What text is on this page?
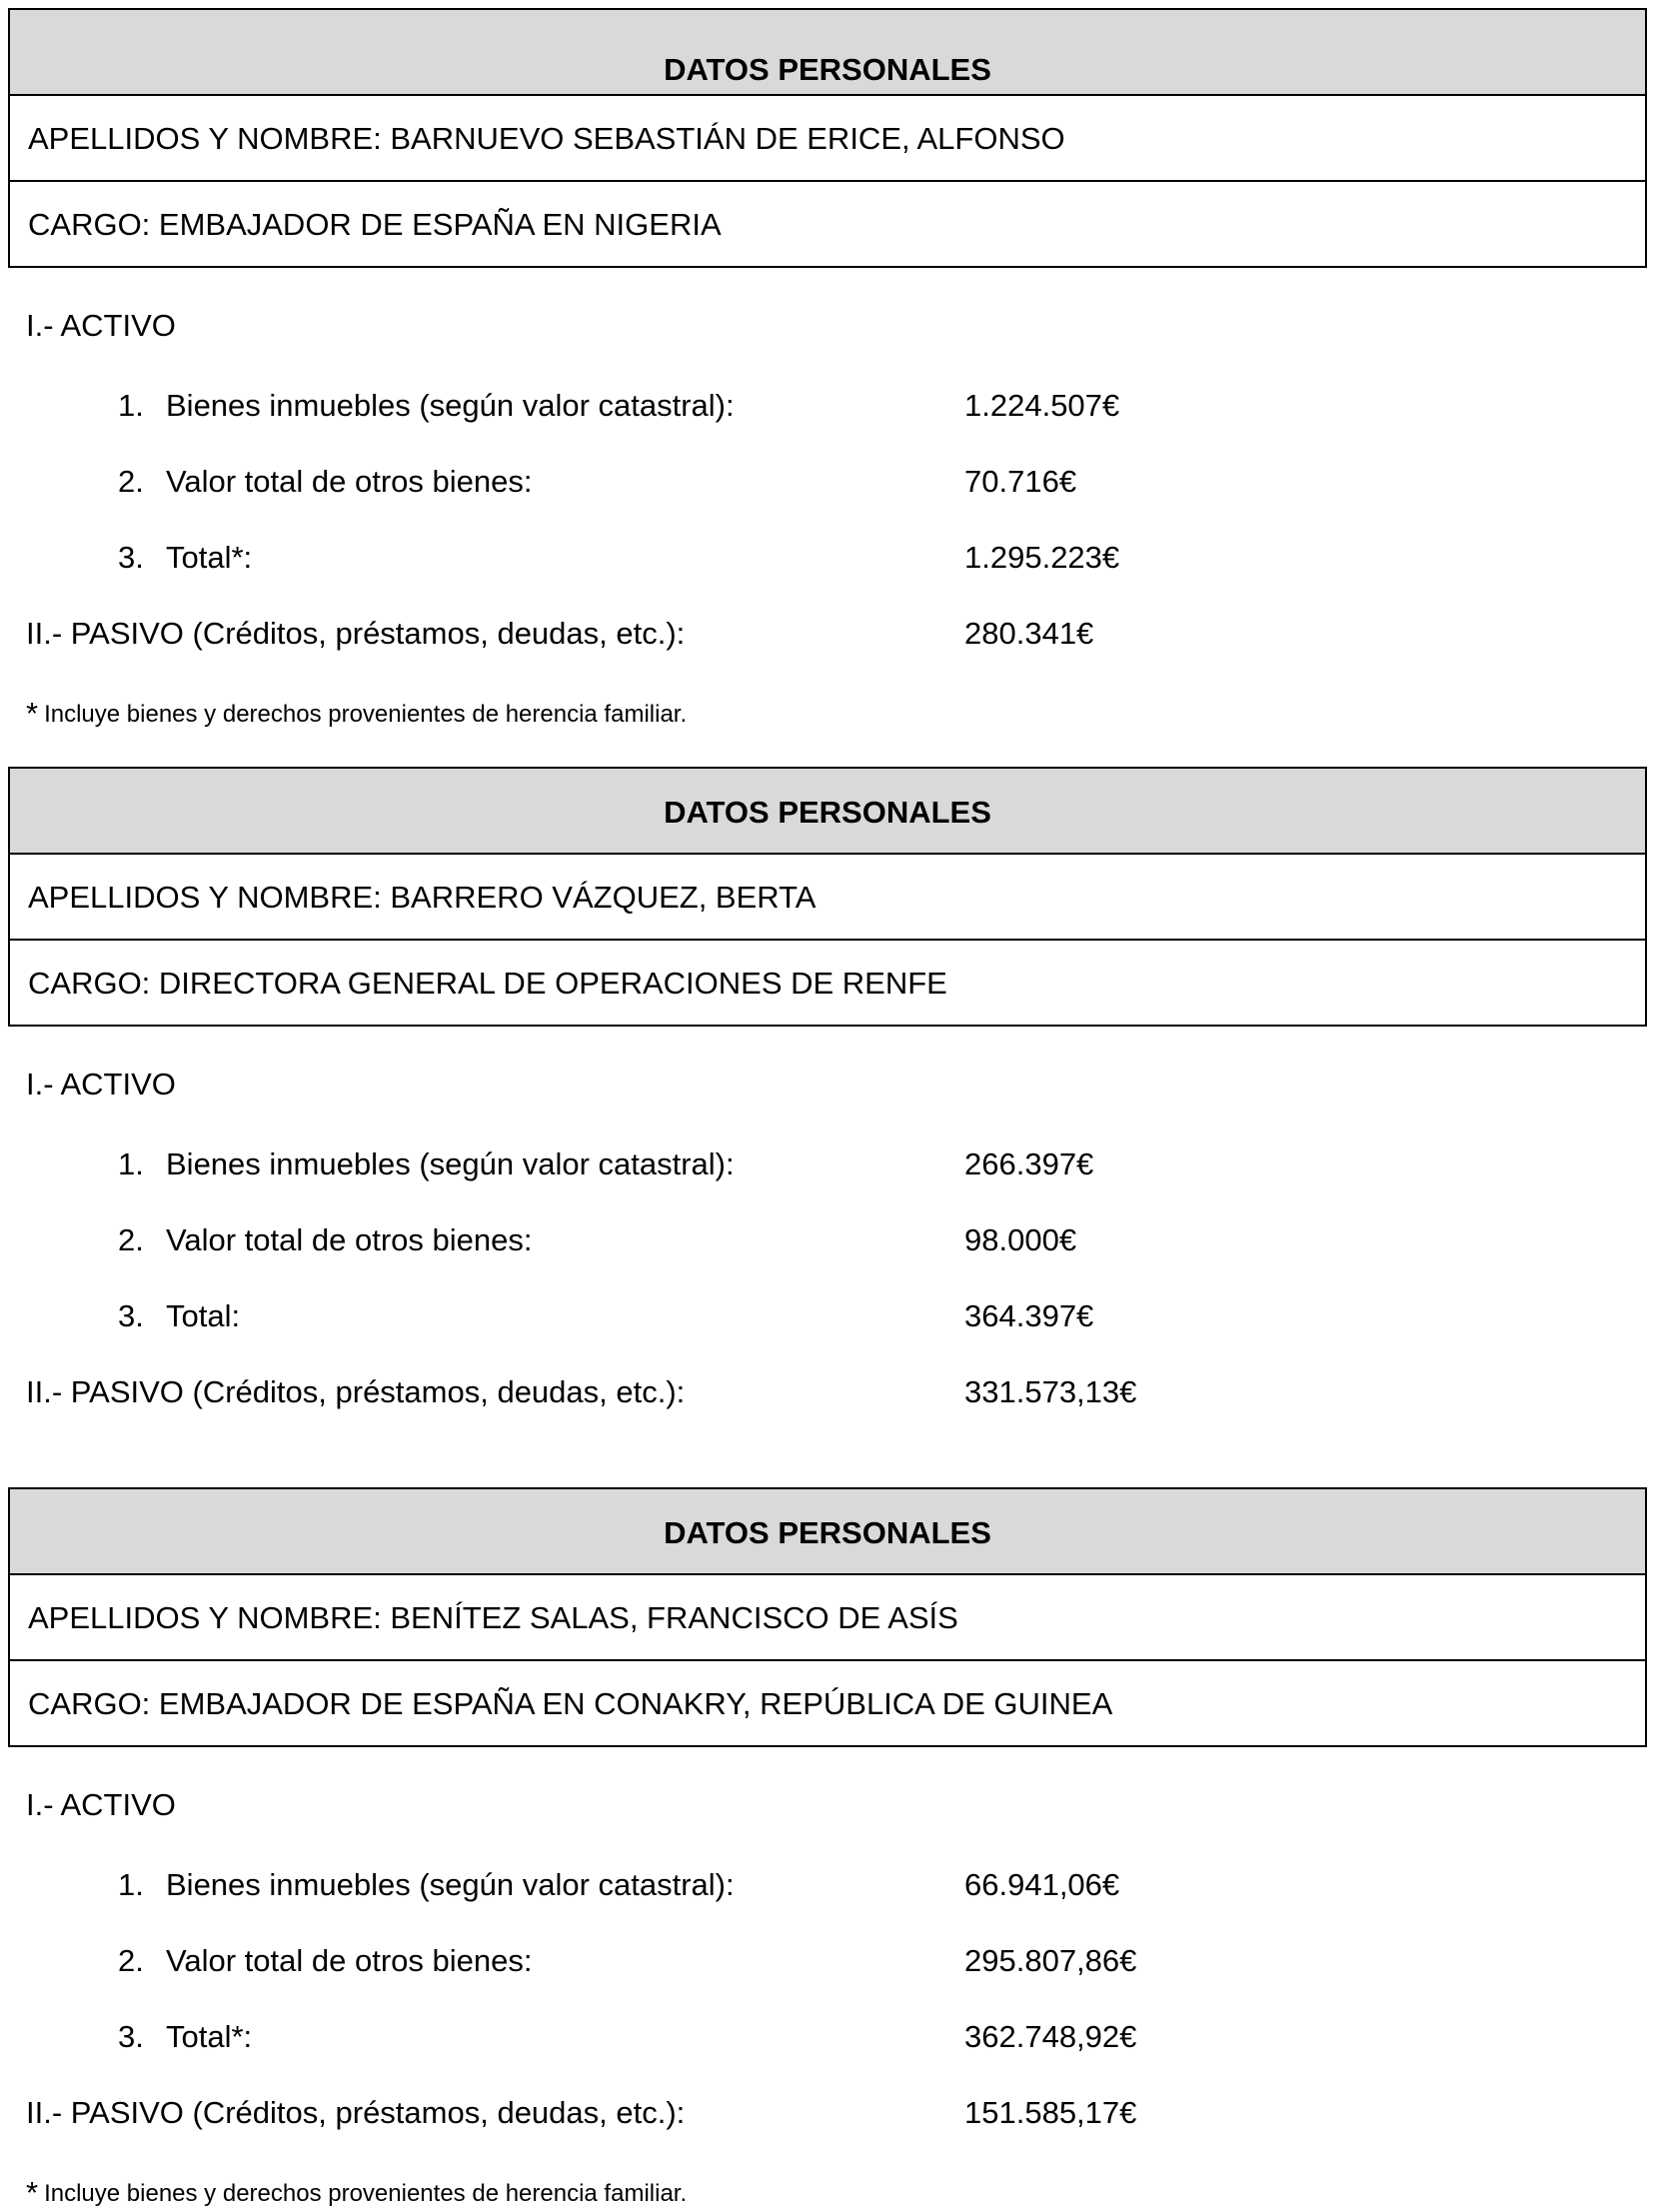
DATOS PERSONALES
APELLIDOS Y NOMBRE: BARNUEVO SEBASTIÁN DE ERICE, ALFONSO
CARGO: EMBAJADOR DE ESPAÑA EN NIGERIA
I.- ACTIVO
1. Bienes inmuebles (según valor catastral):	1.224.507€
2. Valor total de otros bienes:	70.716€
3. Total*:	1.295.223€
II.- PASIVO (Créditos, préstamos, deudas, etc.):	280.341€
* Incluye bienes y derechos provenientes de herencia familiar.
DATOS PERSONALES
APELLIDOS Y NOMBRE: BARRERO VÁZQUEZ, BERTA
CARGO: DIRECTORA GENERAL DE OPERACIONES DE RENFE
I.- ACTIVO
1. Bienes inmuebles (según valor catastral):	266.397€
2. Valor total de otros bienes:	98.000€
3. Total:	364.397€
II.- PASIVO (Créditos, préstamos, deudas, etc.):	331.573,13€
DATOS PERSONALES
APELLIDOS Y NOMBRE: BENÍTEZ SALAS, FRANCISCO DE ASÍS
CARGO: EMBAJADOR DE ESPAÑA EN CONAKRY, REPÚBLICA DE GUINEA
I.- ACTIVO
1. Bienes inmuebles (según valor catastral):	66.941,06€
2. Valor total de otros bienes:	295.807,86€
3. Total*:	362.748,92€
II.- PASIVO (Créditos, préstamos, deudas, etc.):	151.585,17€
* Incluye bienes y derechos provenientes de herencia familiar.
